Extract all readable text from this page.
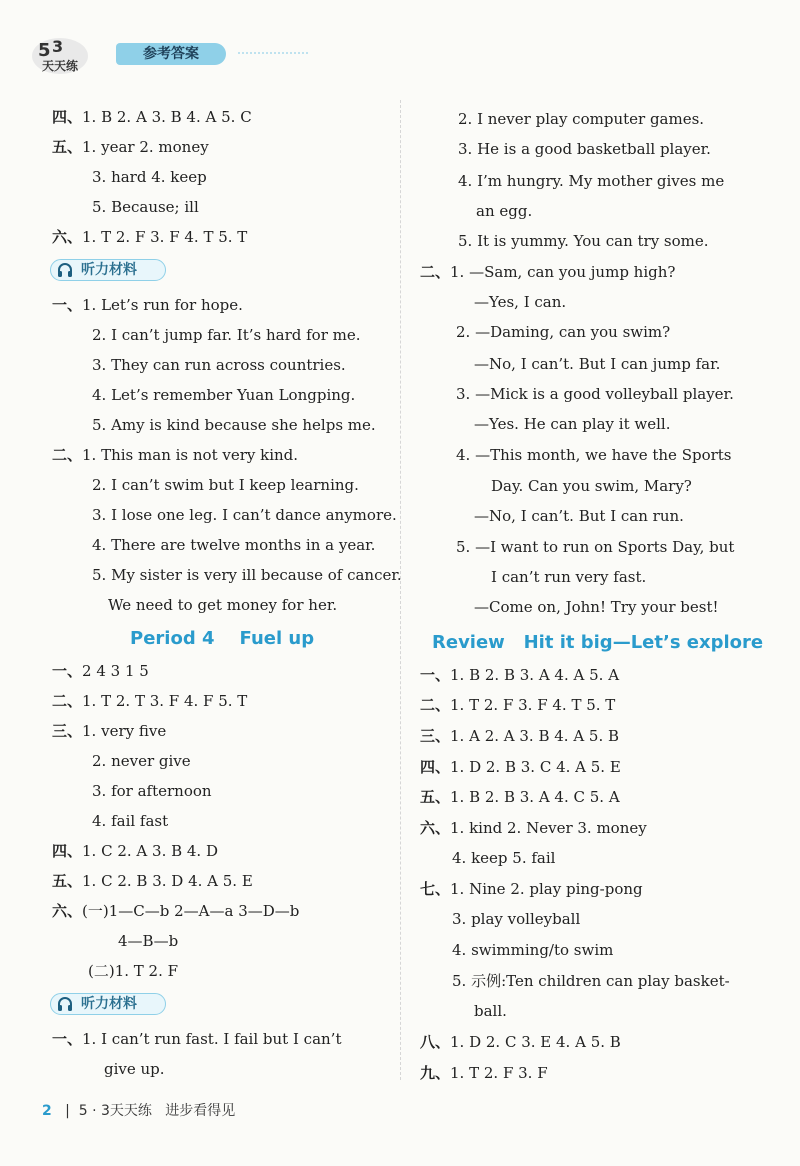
5 3
天天练
参考答案
听力材料
听力材料
Period 4    Fuel up	Review   Hit it big—Let’s explore
四、1. B 2. A 3. B 4. A 5. C
五、1. year 2. money
3. hard 4. keep
5. Because; ill
六、1. T 2. F 3. F 4. T 5. T
一、1. Let’s run for hope.
2. I can’t jump far. It’s hard for me.
3. They can run across countries.
4. Let’s remember Yuan Longping.
5. Amy is kind because she helps me.
二、1. This man is not very kind.
2. I can’t swim but I keep learning.
3. I lose one leg. I can’t dance anymore.
4. There are twelve months in a year.
5. My sister is very ill because of cancer.
We need to get money for her.
一、2 4 3 1 5
二、1. T 2. T 3. F 4. F 5. T
三、1. very five
2. never give
3. for afternoon
4. fail fast
四、1. C 2. A 3. B 4. D
五、1. C 2. B 3. D 4. A 5. E
六、(一)1—C—b 2—A—a 3—D—b
4—B—b
(二)1. T 2. F
一、1. I can’t run fast. I fail but I can’t
give up.
2. I never play computer games.
3. He is a good basketball player.
4. I’m hungry. My mother gives me
an egg.
5. It is yummy. You can try some.
二、1. —Sam, can you jump high?
—Yes, I can.
2. —Daming, can you swim?
—No, I can’t. But I can jump far.
3. —Mick is a good volleyball player.
—Yes. He can play it well.
4. —This month, we have the Sports
Day. Can you swim, Mary?
—No, I can’t. But I can run.
5. —I want to run on Sports Day, but
I can’t run very fast.
—Come on, John! Try your best!
一、1. B 2. B 3. A 4. A 5. A
二、1. T 2. F 3. F 4. T 5. T
三、1. A 2. A 3. B 4. A 5. B
四、1. D 2. B 3. C 4. A 5. E
五、1. B 2. B 3. A 4. C 5. A
六、1. kind 2. Never 3. money
4. keep 5. fail
七、1. Nine 2. play ping-pong
3. play volleyball
4. swimming/to swim
5. 示例:Ten children can play basket-
ball.
八、1. D 2. C 3. E 4. A 5. B
九、1. T 2. F 3. F
2 |  5 · 3天天练   进步看得见
